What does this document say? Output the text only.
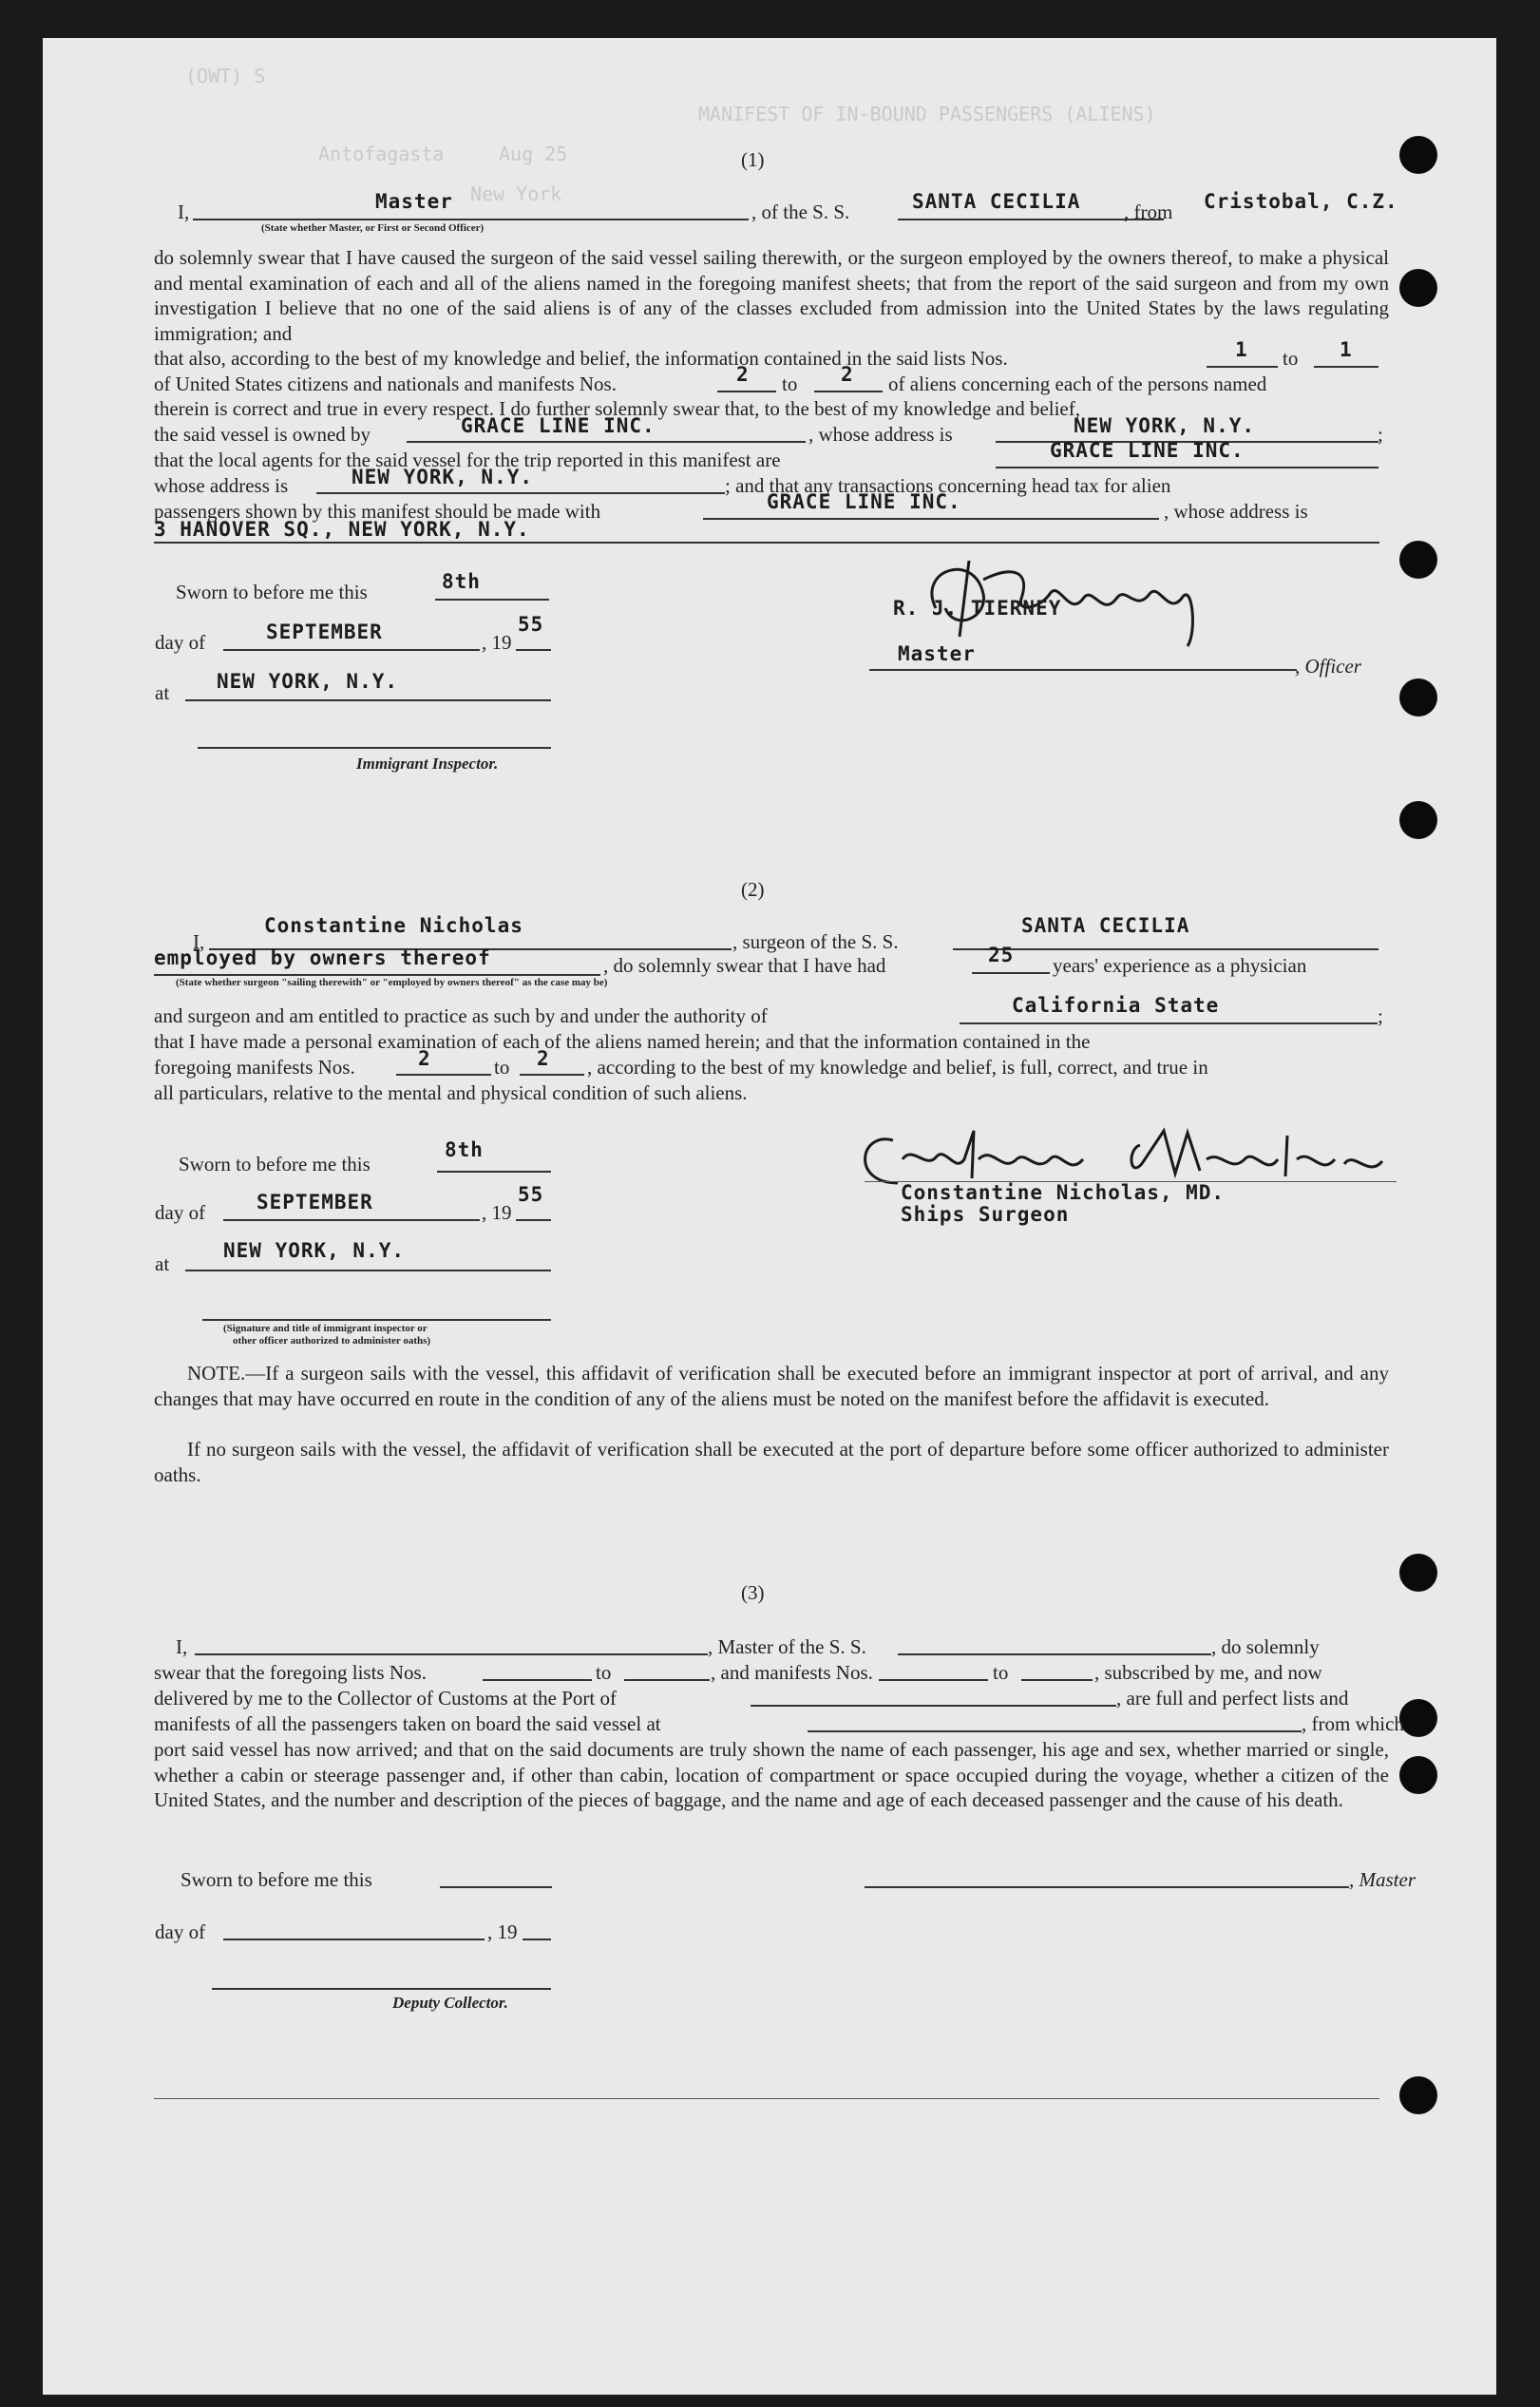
(OWT) S
MANIFEST OF IN-BOUND PASSENGERS (ALIENS)
Antofagasta	Aug 25
New York
(1)
I,	Master
(State whether Master, or First or Second Officer)
, of the S. S.	SANTA CECILIA , from Cristobal, C.Z.
do solemnly swear that I have caused the surgeon of the said vessel sailing therewith, or the surgeon employed by the owners thereof, to make a physical and mental examination of each and all of the aliens named in the foregoing manifest sheets; that from the report of the said surgeon and from my own investigation I believe that no one of the said aliens is of any of the classes excluded from admission into the United States by the laws regulating immigration; and
that also, according to the best of my knowledge and belief, the information contained in the said lists Nos.	1 to 1
of United States citizens and nationals and manifests Nos.	2 to 2 of aliens concerning each of the persons named
therein is correct and true in every respect. I do further solemnly swear that, to the best of my knowledge and belief,
the said vessel is owned by	GRACE LINE INC.	, whose address is	NEW YORK, N.Y.	;
that the local agents for the said vessel for the trip reported in this manifest are	GRACE LINE INC.
whose address is	NEW YORK, N.Y.	; and that any transactions concerning head tax for alien
passengers shown by this manifest should be made with	GRACE LINE INC.	, whose address is
3 HANOVER SQ., NEW YORK, N.Y.
Sworn to before me this	8th
day of	SEPTEMBER	, 19
55
at NEW YORK, N.Y.
Immigrant Inspector.
R. J. TIERNEY
Master
, Officer
(2)
I,
Constantine Nicholas
, surgeon of the S. S.
SANTA CECILIA
employed by owners thereof	, do solemnly swear that I have had	25 years' experience as a physician
(State whether surgeon "sailing therewith" or "employed by owners thereof" as the case may be)
and surgeon and am entitled to practice as such by and under the authority of	California State	;
that I have made a personal examination of each of the aliens named herein; and that the information contained in the
foregoing manifests Nos.	2	to 2 , according to the best of my knowledge and belief, is full, correct, and true in
all particulars, relative to the mental and physical condition of such aliens.
Sworn to before me this
8th
day of	SEPTEMBER	, 19
55
at
NEW YORK, N.Y.
(Signature and title of immigrant inspector or
other officer authorized to administer oaths)
Constantine Nicholas, MD.
Ships Surgeon
NOTE.—If a surgeon sails with the vessel, this affidavit of verification shall be executed before an immigrant inspector at port of arrival, and any changes that may have occurred en route in the condition of any of the aliens must be noted on the manifest before the affidavit is executed.
If no surgeon sails with the vessel, the affidavit of verification shall be executed at the port of departure before some officer authorized to administer oaths.
(3)
I,	, Master of the S. S.	, do solemnly
swear that the foregoing lists Nos.	to	, and manifests Nos.	to	, subscribed by me, and now
delivered by me to the Collector of Customs at the Port of	, are full and perfect lists and
manifests of all the passengers taken on board the said vessel at	, from which
port said vessel has now arrived; and that on the said documents are truly shown the name of each passenger, his age and sex, whether married or single, whether a cabin or steerage passenger and, if other than cabin, location of compartment or space occupied during the voyage, whether a citizen of the United States, and the number and description of the pieces of baggage, and the name and age of each deceased passenger and the cause of his death.
Sworn to before me this	, Master
day of	, 19
Deputy Collector.
